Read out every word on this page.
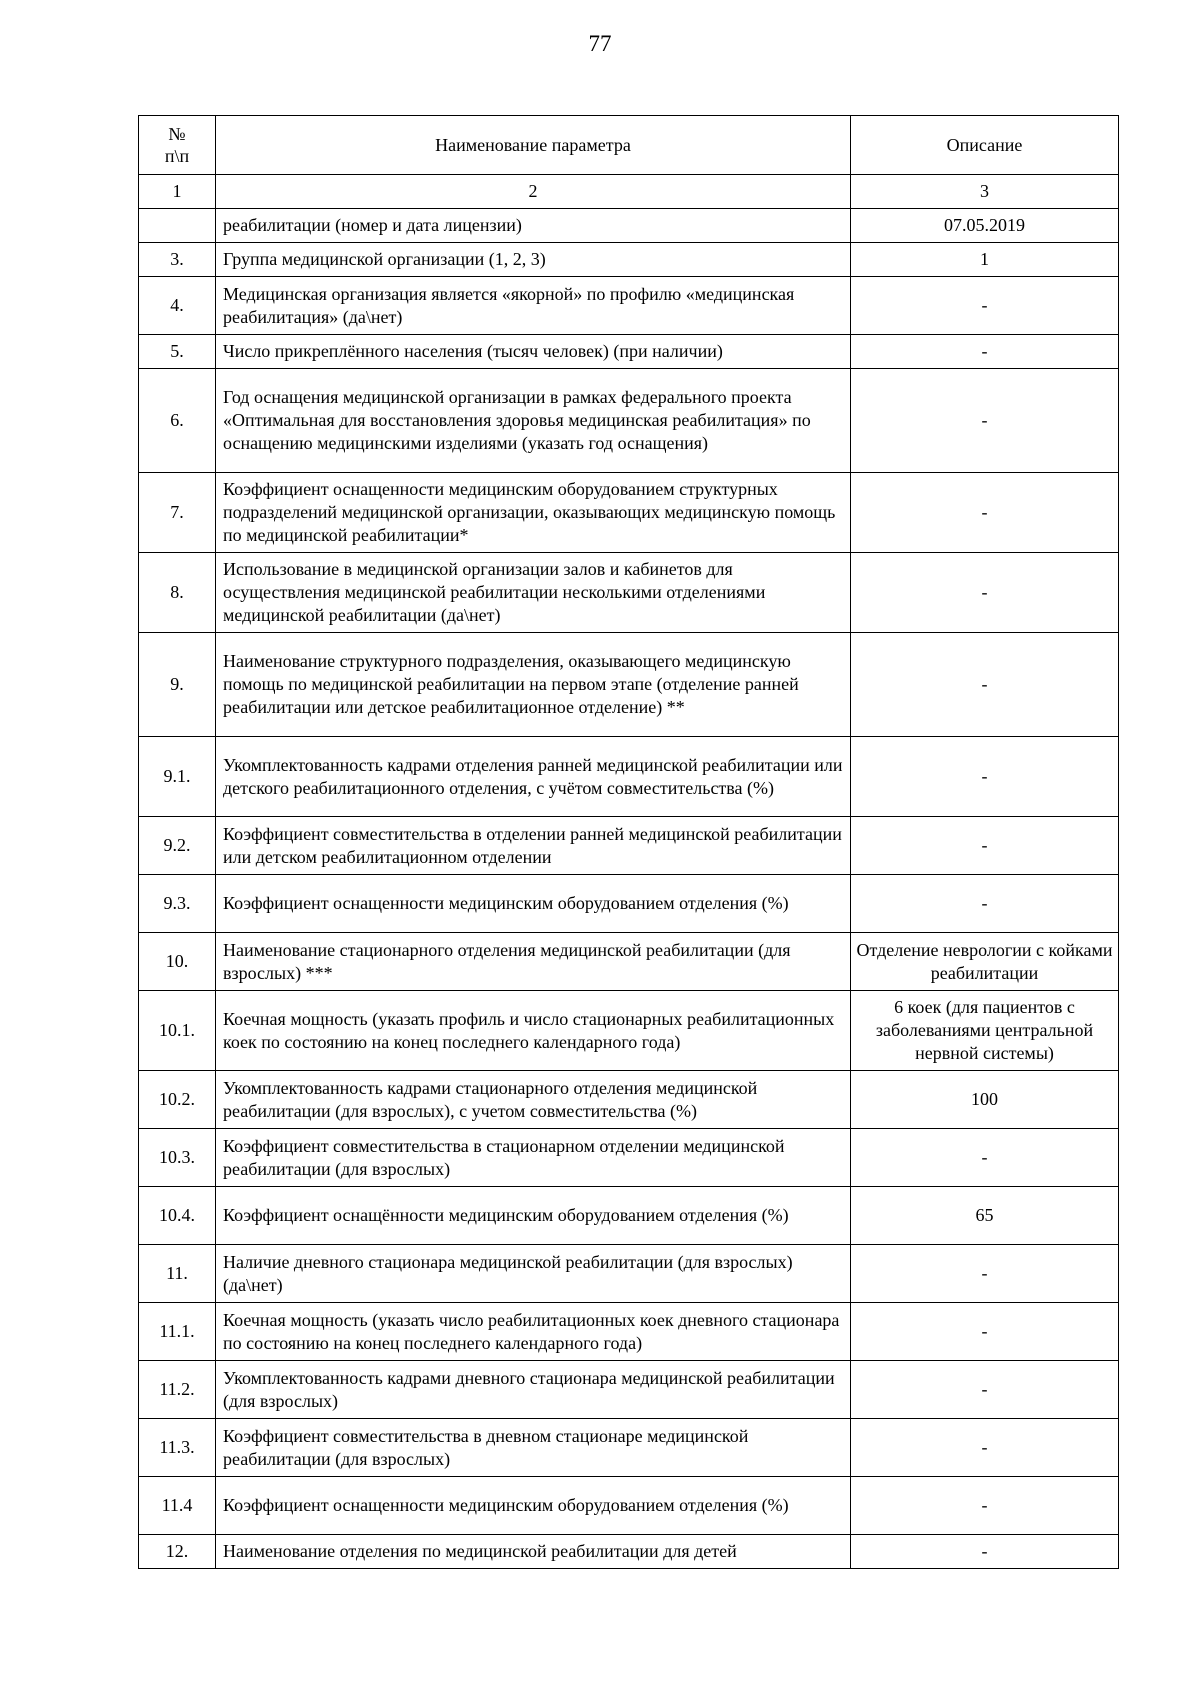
77
№
п\п	Наименование параметра	Описание
1	2	3
	реабилитации (номер и дата лицензии)	07.05.2019
3.	Группа медицинской организации (1, 2, 3)	1
4.	Медицинская организация является «якорной» по профилю «медицинская реабилитация» (да\нет)	-
5.	Число прикреплённого населения (тысяч человек) (при наличии)	-
6.	Год оснащения медицинской организации в рамках федерального проекта «Оптимальная для восстановления здоровья медицинская реабилитация» по оснащению медицинскими изделиями (указать год оснащения)	-
7.	Коэффициент оснащенности медицинским оборудованием структурных подразделений медицинской организации, оказывающих медицинскую помощь по медицинской реабилитации*	-
8.	Использование в медицинской организации залов и кабинетов для осуществления медицинской реабилитации несколькими отделениями медицинской реабилитации (да\нет)	-
9.	Наименование структурного подразделения, оказывающего медицинскую помощь по медицинской реабилитации на первом этапе (отделение ранней реабилитации или детское реабилитационное отделение) **	-
9.1.	Укомплектованность кадрами отделения ранней медицинской реабилитации или детского реабилитационного отделения, с учётом совместительства (%)	-
9.2.	Коэффициент совместительства в отделении ранней медицинской реабилитации или детском реабилитационном отделении	-
9.3.	Коэффициент оснащенности медицинским оборудованием отделения (%)	-
10.	Наименование стационарного отделения медицинской реабилитации (для взрослых) ***	Отделение неврологии с койками реабилитации
10.1.	Коечная мощность (указать профиль и число стационарных реабилитационных коек по состоянию на конец последнего календарного года)	6 коек (для пациентов с заболеваниями центральной нервной системы)
10.2.	Укомплектованность кадрами стационарного отделения медицинской реабилитации (для взрослых), с учетом совместительства (%)	100
10.3.	Коэффициент совместительства в стационарном отделении медицинской реабилитации (для взрослых)	-
10.4.	Коэффициент оснащённости медицинским оборудованием отделения (%)	65
11.	Наличие дневного стационара медицинской реабилитации (для взрослых) (да\нет)	-
11.1.	Коечная мощность (указать число реабилитационных коек дневного стационара по состоянию на конец последнего календарного года)	-
11.2.	Укомплектованность кадрами дневного стационара медицинской реабилитации (для взрослых)	-
11.3.	Коэффициент совместительства в дневном стационаре медицинской реабилитации (для взрослых)	-
11.4	Коэффициент оснащенности медицинским оборудованием отделения (%)	-
12.	Наименование отделения по медицинской реабилитации для детей	-
